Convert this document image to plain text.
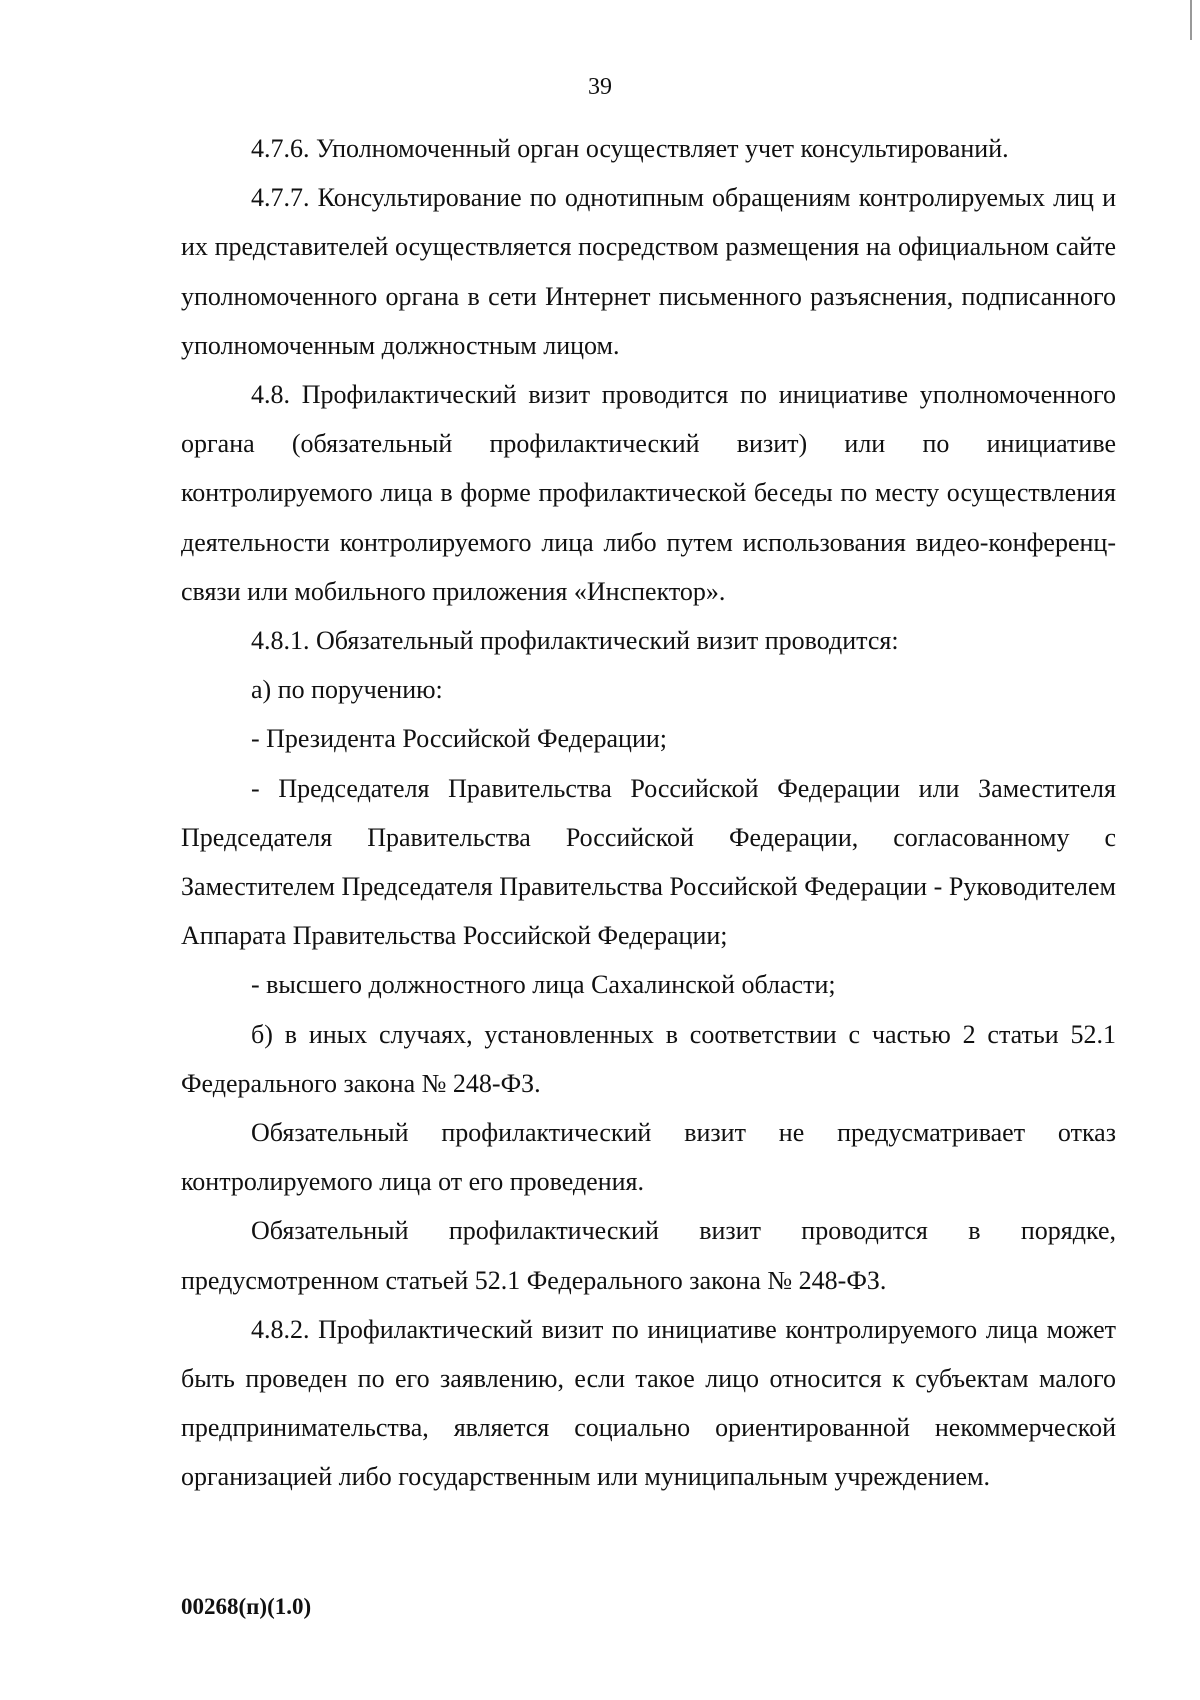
39

4.7.6. Уполномоченный орган осуществляет учет консультирований.

4.7.7. Консультирование по однотипным обращениям контролируемых лиц и их представителей осуществляется посредством размещения на официальном сайте уполномоченного органа в сети Интернет письменного разъяснения, подписанного уполномоченным должностным лицом.

4.8. Профилактический визит проводится по инициативе уполномоченного органа (обязательный профилактический визит) или по инициативе контролируемого лица в форме профилактической беседы по месту осуществления деятельности контролируемого лица либо путем использования видео-конференц-связи или мобильного приложения «Инспектор».

4.8.1. Обязательный профилактический визит проводится:

а) по поручению:

- Президента Российской Федерации;

- Председателя Правительства Российской Федерации или Заместителя Председателя Правительства Российской Федерации, согласованному с Заместителем Председателя Правительства Российской Федерации - Руководителем Аппарата Правительства Российской Федерации;

- высшего должностного лица Сахалинской области;

б) в иных случаях, установленных в соответствии с частью 2 статьи 52.1 Федерального закона № 248-ФЗ.

Обязательный профилактический визит не предусматривает отказ контролируемого лица от его проведения.

Обязательный профилактический визит проводится в порядке, предусмотренном статьей 52.1 Федерального закона № 248-ФЗ.

4.8.2. Профилактический визит по инициативе контролируемого лица может быть проведен по его заявлению, если такое лицо относится к субъектам малого предпринимательства, является социально ориентированной некоммерческой организацией либо государственным или муниципальным учреждением.

00268(п)(1.0)
